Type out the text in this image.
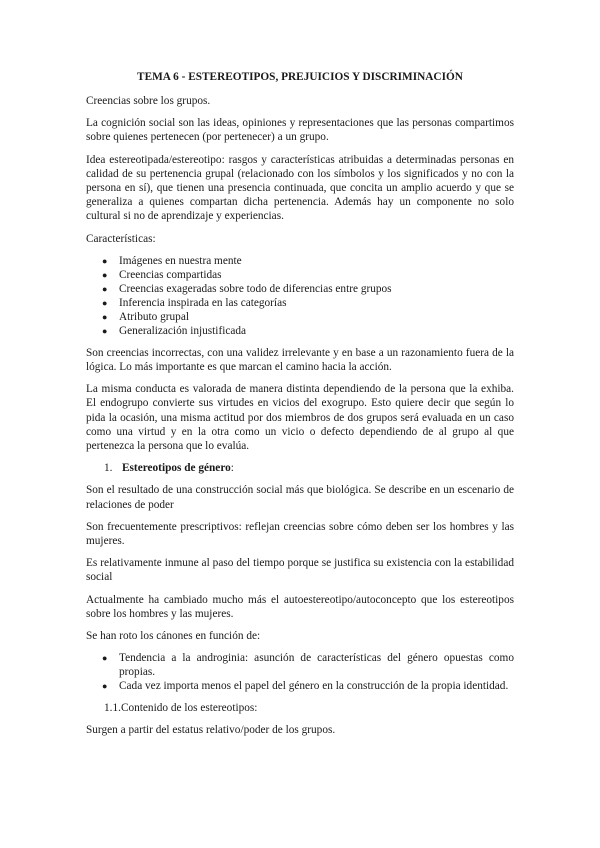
TEMA 6 - ESTEREOTIPOS, PREJUICIOS Y DISCRIMINACIÓN

Creencias sobre los grupos.

La cognición social son las ideas, opiniones y representaciones que las personas compartimos sobre quienes pertenecen (por pertenecer) a un grupo.

Idea estereotipada/estereotipo: rasgos y características atribuidas a determinadas personas en calidad de su pertenencia grupal (relacionado con los símbolos y los significados y no con la persona en sí), que tienen una presencia continuada, que concita un amplio acuerdo y que se generaliza a quienes compartan dicha pertenencia. Además hay un componente no solo cultural si no de aprendizaje y experiencias.

Características:

● Imágenes en nuestra mente
● Creencias compartidas
● Creencias exageradas sobre todo de diferencias entre grupos
● Inferencia inspirada en las categorías
● Atributo grupal
● Generalización injustificada

Son creencias incorrectas, con una validez irrelevante y en base a un razonamiento fuera de la lógica. Lo más importante es que marcan el camino hacia la acción.

La misma conducta es valorada de manera distinta dependiendo de la persona que la exhiba. El endogrupo convierte sus virtudes en vicios del exogrupo. Esto quiere decir que según lo pida la ocasión, una misma actitud por dos miembros de dos grupos será evaluada en un caso como una virtud y en la otra como un vicio o defecto dependiendo de al grupo al que pertenezca la persona que lo evalúa.

1. Estereotipos de género:

Son el resultado de una construcción social más que biológica. Se describe en un escenario de relaciones de poder

Son frecuentemente prescriptivos: reflejan creencias sobre cómo deben ser los hombres y las mujeres.

Es relativamente inmune al paso del tiempo porque se justifica su existencia con la estabilidad social

Actualmente ha cambiado mucho más el autoestereotipo/autoconcepto que los estereotipos sobre los hombres y las mujeres.

Se han roto los cánones en función de:

● Tendencia a la androginia: asunción de características del género opuestas como propias.
● Cada vez importa menos el papel del género en la construcción de la propia identidad.
1.1.Contenido de los estereotipos:

Surgen a partir del estatus relativo/poder de los grupos.
